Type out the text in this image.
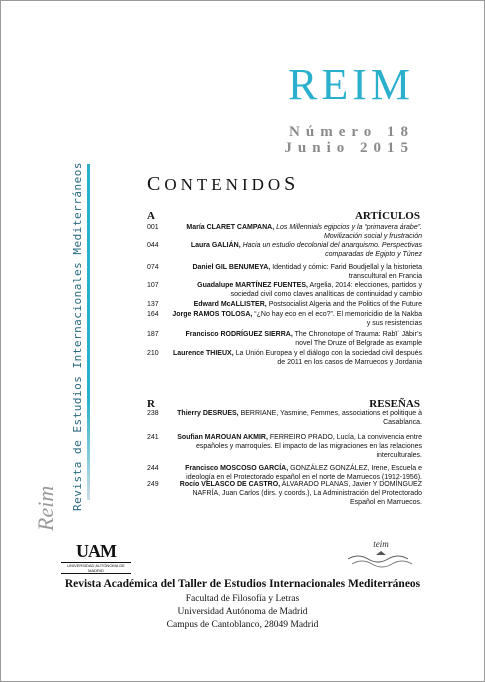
REIM
Número 18
Junio 2015
Revista de Estudios Internacionales Mediterráneos
Reim
CONTENIDOS
A	ARTÍCULOS
001	María CLARET CAMPANA, Los Millennials egipcios y la “primavera árabe”. Movilización social y frustración
044	Laura GALIÁN, Hacia un estudio decolonial del anarquismo. Perspectivas comparadas de Egipto y Túnez
074	Daniel GIL BENUMEYA, Identidad y cómic: Farid Boudjellal y la historieta transcultural en Francia
107	Guadalupe MARTÍNEZ FUENTES, Argelia, 2014: elecciones, partidos y sociedad civil como claves analíticas de continuidad y cambio
137	Edward McALLISTER, Postsocialist Algeria and the Politics of the Future
164	Jorge RAMOS TOLOSA, “¿No hay eco en el eco?”. El memoricidio de la Nakba y sus resistencias
187	Francisco RODRÍGUEZ SIERRA, The Chronotope of Trauma: Rabīʿ Jābir’s novel The Druze of Belgrade as example
210	Laurence THIEUX, La Unión Europea y el diálogo con la sociedad civil después de 2011 en los casos de Marruecos y Jordania
R	RESEÑAS
238	Thierry DESRUES, BERRIANE, Yasmine, Femmes, associations et politique à Casablanca.
241	Soufian MAROUAN AKMIR, FERREIRO PRADO, Lucía, La convivencia entre españoles y marroquíes. El impacto de las migraciones en las relaciones interculturales.
244	Francisco MOSCOSO GARCÍA, GONZÁLEZ GONZÁLEZ, Irene, Escuela e ideología en el Protectorado español en el norte de Marruecos (1912-1956).
249	Rocío VELASCO DE CASTRO, ALVARADO PLANAS, Javier Y DOMÍNGUEZ NAFRÍA, Juan Carlos (dirs. y coords.), La Administración del Protectorado Español en Marruecos.
UAM
UNIVERSIDAD AUTÓNOMA DE MADRID
teim
Revista Académica del Taller de Estudios Internacionales Mediterráneos
Facultad de Filosofía y Letras
Universidad Autónoma de Madrid
Campus de Cantoblanco, 28049 Madrid
